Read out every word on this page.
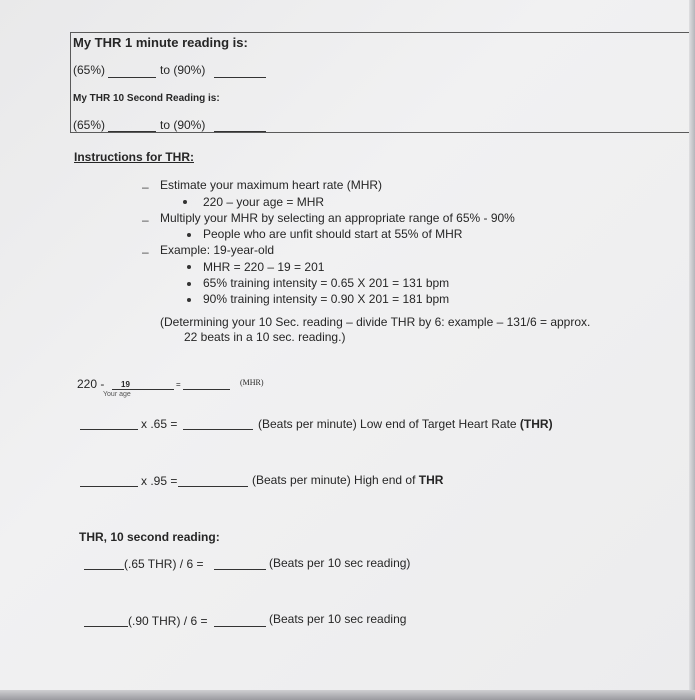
My THR 1 minute reading is:
(65%)	to (90%)
My THR 10 Second Reading is:
(65%)	to (90%)
Instructions for THR:
– Estimate your maximum heart rate (MHR)
220 – your age = MHR
– Multiply your MHR by selecting an appropriate range of 65% - 90%
People who are unfit should start at 55% of MHR
– Example: 19-year-old
MHR = 220 – 19 = 201
65% training intensity = 0.65 X 201 = 131 bpm
90% training intensity = 0.90 X 201 = 181 bpm
(Determining your 10 Sec. reading – divide THR by 6: example – 131/6 = approx.
22 beats in a 10 sec. reading.)
220 - 19
Your age
=	(MHR)
x .65 =	(Beats per minute) Low end of Target Heart Rate (THR)
x .95 =	(Beats per minute) High end of THR
THR, 10 second reading:
(.65 THR) / 6 =	(Beats per 10 sec reading)
(.90 THR) / 6 =	(Beats per 10 sec reading
